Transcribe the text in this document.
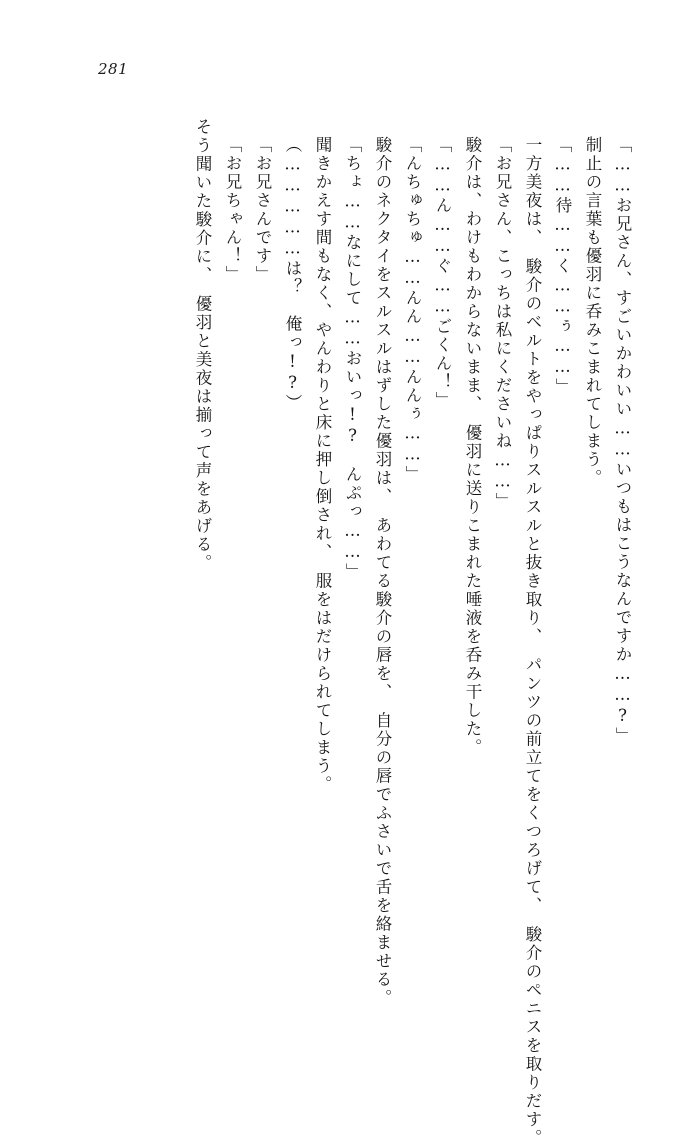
281
そう聞いた駿介に、　優羽と美夜は揃って声をあげる。 「お兄ちゃん！」 「お兄さんです」 （……………は？　俺っ!?） 聞きかえす間もなく、やんわりと床に押し倒され、　服をはだけられてしまう。 「ちょ……なにして……おいっ!?　んぷっ……」 駿介のネクタイをスルスルはずした優羽は、　あわてる駿介の唇を、　自分の唇でふさいで舌を絡ませる。 「んちゅちゅ……んん……んんぅ……」 「……ん……ぐ……ごくん！」 駿介は、わけもわからないまま、　優羽に送りこまれた唾液を呑み干した。 「お兄さん、こっちは私にくださいね……」 一方美夜は、　駿介のベルトをやっぱりスルスルと抜き取り、　パンツの前立てをくつろげて、　駿介のペニスを取りだす。 「……待……く……ぅ……」 制止の言葉も優羽に呑みこまれてしまう。 「……お兄さん、すごいかわいい……いつもはこうなんですか……?」
